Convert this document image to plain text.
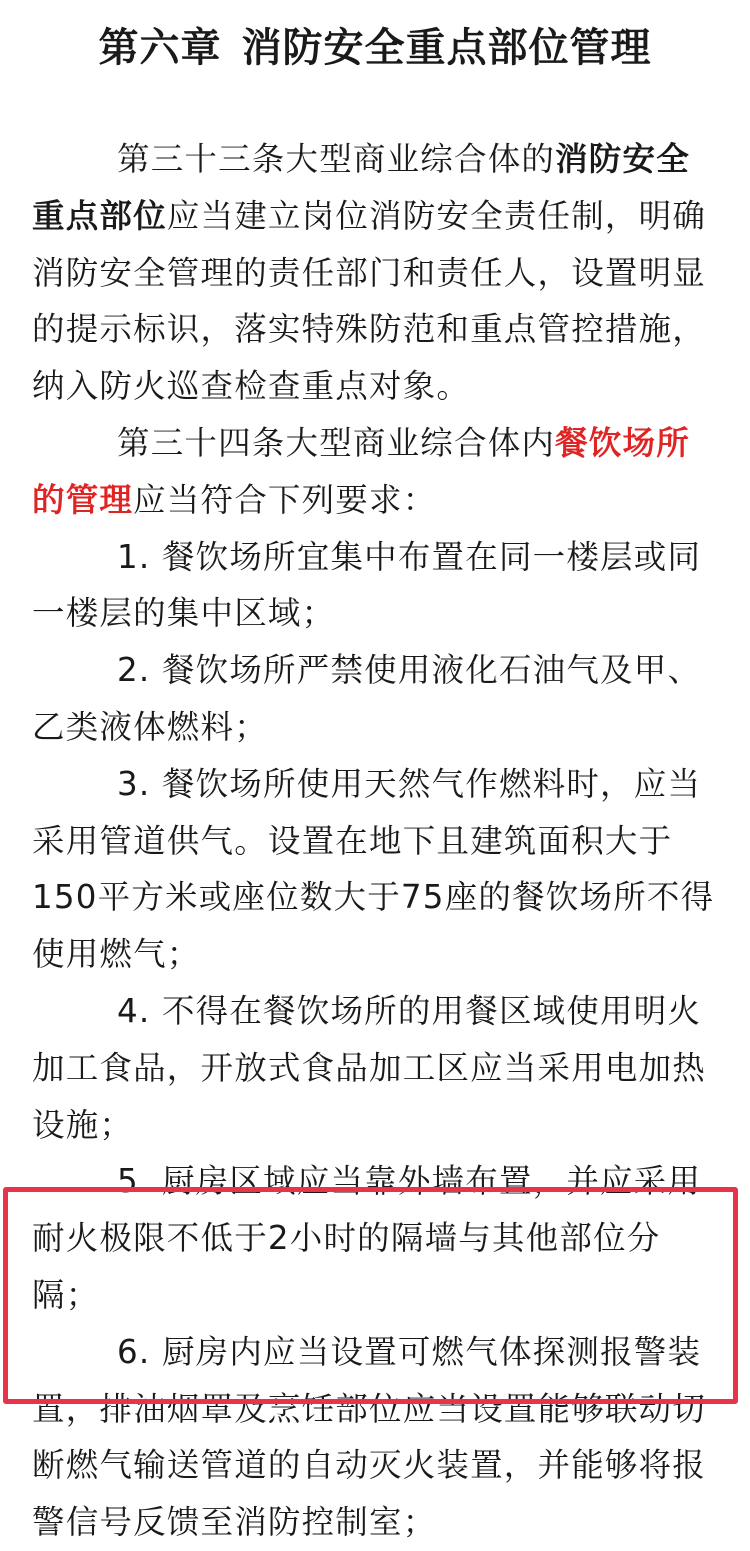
第六章 消防安全重点部位管理

第三十三条大型商业综合体的消防安全重点部位应当建立岗位消防安全责任制，明确消防安全管理的责任部门和责任人，设置明显的提示标识，落实特殊防范和重点管控措施，纳入防火巡查检查重点对象。

第三十四条大型商业综合体内餐饮场所的管理应当符合下列要求：

1. 餐饮场所宜集中布置在同一楼层或同一楼层的集中区域；

2. 餐饮场所严禁使用液化石油气及甲、乙类液体燃料；

3. 餐饮场所使用天然气作燃料时，应当采用管道供气。设置在地下且建筑面积大于150平方米或座位数大于75座的餐饮场所不得使用燃气；

4. 不得在餐饮场所的用餐区域使用明火加工食品，开放式食品加工区应当采用电加热设施；

5. 厨房区域应当靠外墙布置，并应采用耐火极限不低于2小时的隔墙与其他部位分隔；

6. 厨房内应当设置可燃气体探测报警装置，排油烟罩及烹饪部位应当设置能够联动切断燃气输送管道的自动灭火装置，并能够将报警信号反馈至消防控制室；
